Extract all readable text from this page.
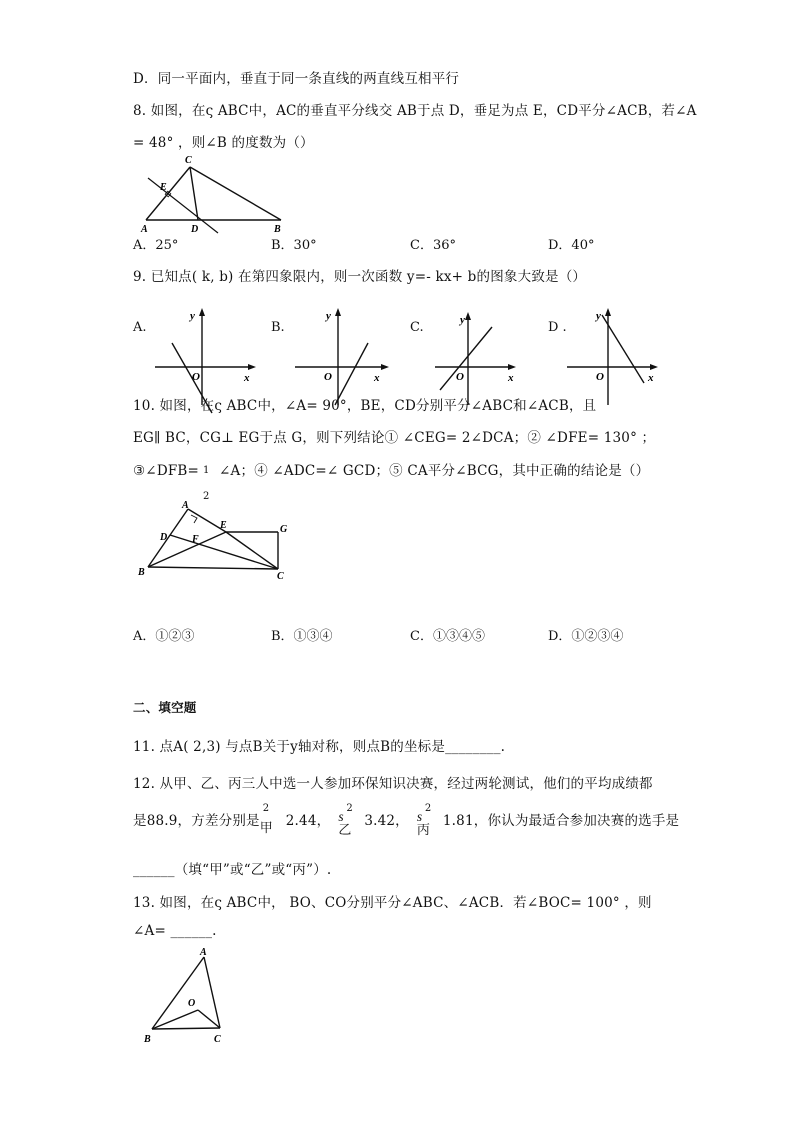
D．同一平面内，垂直于同一条直线的两直线互相平行
8. 如图，在ς ABC中，AC的垂直平分线交 AB于点 D，垂足为点 E，CD平分∠ACB，若∠A
= 48° ，则∠B 的度数为（）
C
E
A	D	B
A．25°	B．30°	C．36°	D．40°
9. 已知点( k, b) 在第四象限内，则一次函数 y=- kx+ b的图象大致是（）
A.	B.	C.	D .
y
x
O
y
x
O
y
x
O
y
x
O
10. 如图，在ς ABC中，∠A= 90°，BE，CD分别平分∠ABC和∠ACB，且
EG∥ BC，CG⊥ EG于点 G，则下列结论① ∠CEG= 2∠DCA；② ∠DFE= 130° ；
③∠DFB= 1
2
∠A；④ ∠ADC=∠ GCD；⑤ CA平分∠BCG，其中正确的结论是（）
A
D
E
F
G
B	C
A．①②③	B．①③④	C．①③④⑤	D．①②③④
二、填空题
11. 点A( 2,3) 与点B关于y轴对称，则点B的坐标是________.
12. 从甲、乙、丙三人中选一人参加环保知识决赛，经过两轮测试，他们的平均成绩都
是88.9，方差分别是
2
甲 2.44， s
2
乙
3.42， s
2
丙
1.81，你认为最适合参加决赛的选手是
______（填“甲”或“乙”或“丙”）.
13. 如图，在ς ABC中， BO、CO分别平分∠ABC、∠ACB．若∠BOC= 100° ，则
∠A= ______.
A
O
B	C
